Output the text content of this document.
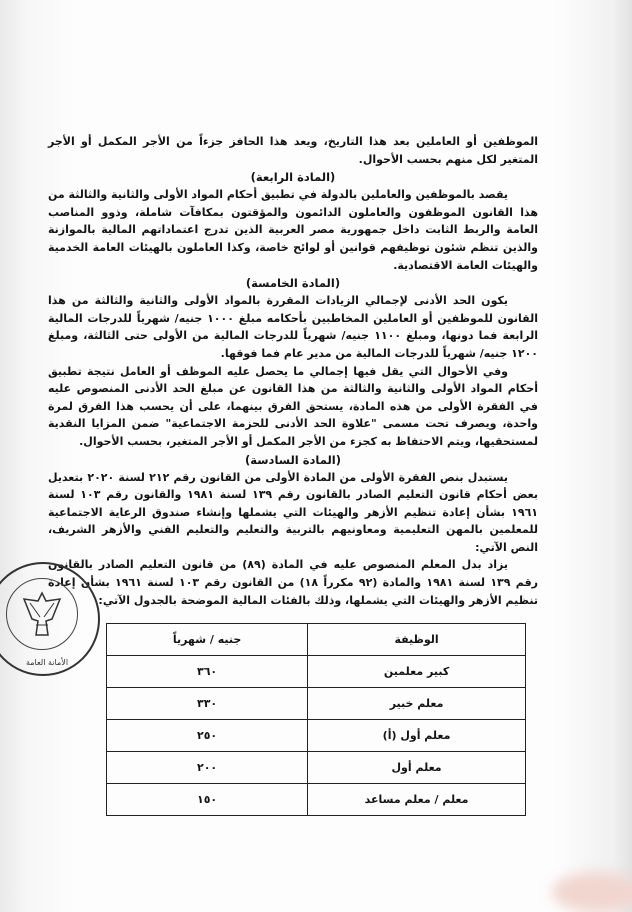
الموظفين أو العاملين بعد هذا التاريخ، ويعد هذا الحافز جزءاً من الأجر المكمل أو الأجر المتغير لكل منهم بحسب الأحوال.

(المادة الرابعة)

يقصد بالموظفين والعاملين بالدولة في تطبيق أحكام المواد الأولى والثانية والثالثة من هذا القانون الموظفون والعاملون الدائمون والمؤقتون بمكافآت شاملة، وذوو المناصب العامة والربط الثابت داخل جمهورية مصر العربية الذين تدرج اعتماداتهم المالية بالموازنة والذين تنظم شئون توظيفهم قوانين أو لوائح خاصة، وكذا العاملون بالهيئات العامة الخدمية والهيئات العامة الاقتصادية.

(المادة الخامسة)

يكون الحد الأدنى لإجمالي الزيادات المقررة بالمواد الأولى والثانية والثالثة من هذا القانون للموظفين أو العاملين المخاطبين بأحكامه مبلغ ١٠٠٠ جنيه/ شهرياً للدرجات المالية الرابعة فما دونها، ومبلغ ١١٠٠ جنيه/ شهرياً للدرجات المالية من الأولى حتى الثالثة، ومبلغ ١٢٠٠ جنيه/ شهرياً للدرجات المالية من مدير عام فما فوقها.

وفي الأحوال التي يقل فيها إجمالي ما يحصل عليه الموظف أو العامل نتيجة تطبيق أحكام المواد الأولى والثانية والثالثة من هذا القانون عن مبلغ الحد الأدنى المنصوص عليه في الفقرة الأولى من هذه المادة، يستحق الفرق بينهما، على أن يحسب هذا الفرق لمرة واحدة، ويصرف تحت مسمى "علاوة الحد الأدنى للحزمة الاجتماعية" ضمن المزايا النقدية لمستحقيها، ويتم الاحتفاظ به كجزء من الأجر المكمل أو الأجر المتغير، بحسب الأحوال.

(المادة السادسة)

يستبدل بنص الفقرة الأولى من المادة الأولى من القانون رقم ٢١٢ لسنة ٢٠٢٠ بتعديل بعض أحكام قانون التعليم الصادر بالقانون رقم ١٣٩ لسنة ١٩٨١ والقانون رقم ١٠٣ لسنة ١٩٦١ بشأن إعادة تنظيم الأزهر والهيئات التي يشملها وإنشاء صندوق الرعاية الاجتماعية للمعلمين بالمهن التعليمية ومعاونيهم بالتربية والتعليم والتعليم الفني والأزهر الشريف، النص الآتي:

يزاد بدل المعلم المنصوص عليه في المادة (٨٩) من قانون التعليم الصادر بالقانون رقم ١٣٩ لسنة ١٩٨١ والمادة (٩٢ مكرراً ١٨) من القانون رقم ١٠٣ لسنة ١٩٦١ بشأن إعادة تنظيم الأزهر والهيئات التي يشملها، وذلك بالفئات المالية الموضحة بالجدول الآتي:

الوظيفة	جنيه / شهرياً
كبير معلمين	٣٦٠
معلم خبير	٣٣٠
معلم أول (أ)	٢٥٠
معلم أول	٢٠٠
معلم / معلم مساعد	١٥٠
الأمانة العامة
